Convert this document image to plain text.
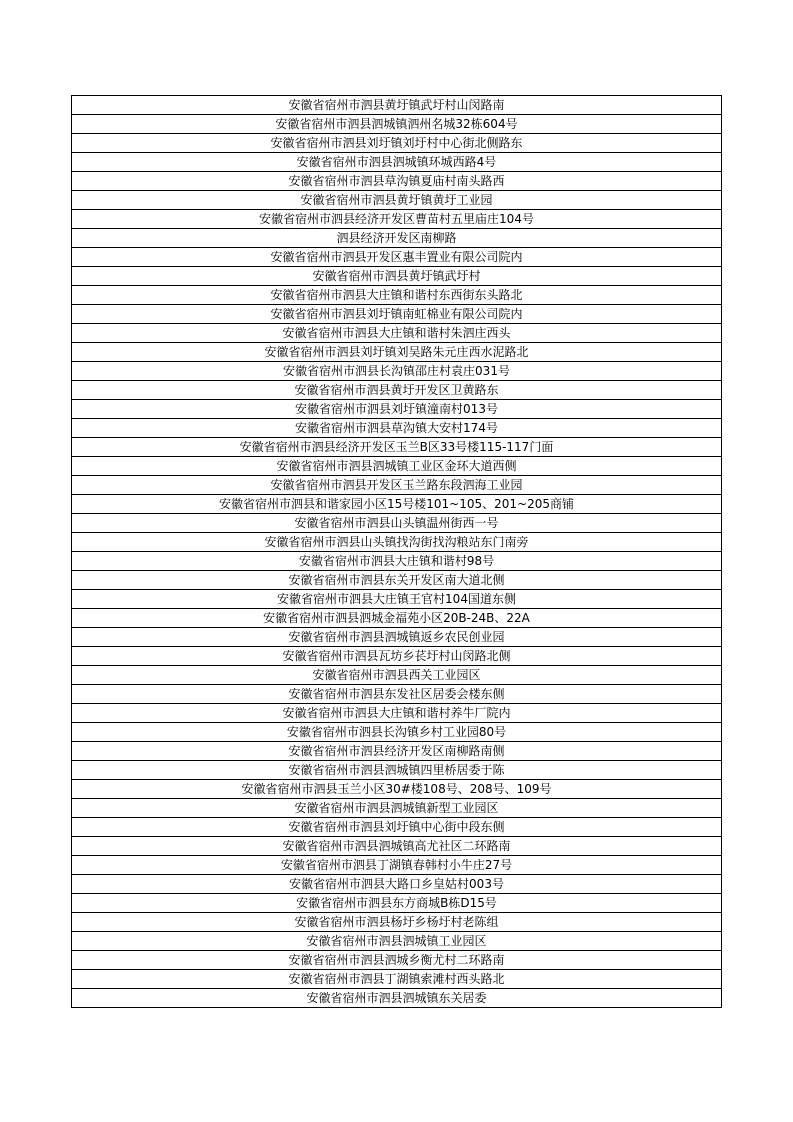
安徽省宿州市泗县黄圩镇武圩村山闵路南
安徽省宿州市泗县泗城镇泗州名城32栋604号
安徽省宿州市泗县刘圩镇刘圩村中心街北侧路东
安徽省宿州市泗县泗城镇环城西路4号
安徽省宿州市泗县草沟镇夏庙村南头路西
安徽省宿州市泗县黄圩镇黄圩工业园
安徽省宿州市泗县经济开发区曹苗村五里庙庄104号
泗县经济开发区南柳路
安徽省宿州市泗县开发区惠丰置业有限公司院内
安徽省宿州市泗县黄圩镇武圩村
安徽省宿州市泗县大庄镇和谐村东西街东头路北
安徽省宿州市泗县刘圩镇南虹棉业有限公司院内
安徽省宿州市泗县大庄镇和谐村朱泗庄西头
安徽省宿州市泗县刘圩镇刘吴路朱元庄西水泥路北
安徽省宿州市泗县长沟镇邵庄村袁庄031号
安徽省宿州市泗县黄圩开发区卫黄路东
安徽省宿州市泗县刘圩镇潼南村013号
安徽省宿州市泗县草沟镇大安村174号
安徽省宿州市泗县经济开发区玉兰B区33号楼115-117门面
安徽省宿州市泗县泗城镇工业区金环大道西侧
安徽省宿州市泗县开发区玉兰路东段泗海工业园
安徽省宿州市泗县和谐家园小区15号楼101~105、201~205商铺
安徽省宿州市泗县山头镇温州街西一号
安徽省宿州市泗县山头镇找沟街找沟粮站东门南旁
安徽省宿州市泗县大庄镇和谐村98号
安徽省宿州市泗县东关开发区南大道北侧
安徽省宿州市泗县大庄镇王官村104国道东侧
安徽省宿州市泗县泗城金福苑小区20B-24B、22A
安徽省宿州市泗县泗城镇返乡农民创业园
安徽省宿州市泗县瓦坊乡苌圩村山闵路北侧
安徽省宿州市泗县西关工业园区
安徽省宿州市泗县东发社区居委会楼东侧
安徽省宿州市泗县大庄镇和谐村养牛厂院内
安徽省宿州市泗县长沟镇乡村工业园80号
安徽省宿州市泗县经济开发区南柳路南侧
安徽省宿州市泗县泗城镇四里桥居委于陈
安徽省宿州市泗县玉兰小区30#楼108号、208号、109号
安徽省宿州市泗县泗城镇新型工业园区
安徽省宿州市泗县刘圩镇中心街中段东侧
安徽省宿州市泗县泗城镇高尤社区二环路南
安徽省宿州市泗县丁湖镇春韩村小牛庄27号
安徽省宿州市泗县大路口乡皇姑村003号
安徽省宿州市泗县东方商城B栋D15号
安徽省宿州市泗县杨圩乡杨圩村老陈组
安徽省宿州市泗县泗城镇工业园区
安徽省宿州市泗县泗城乡衡尤村二环路南
安徽省宿州市泗县丁湖镇索滩村西头路北
安徽省宿州市泗县泗城镇东关居委
